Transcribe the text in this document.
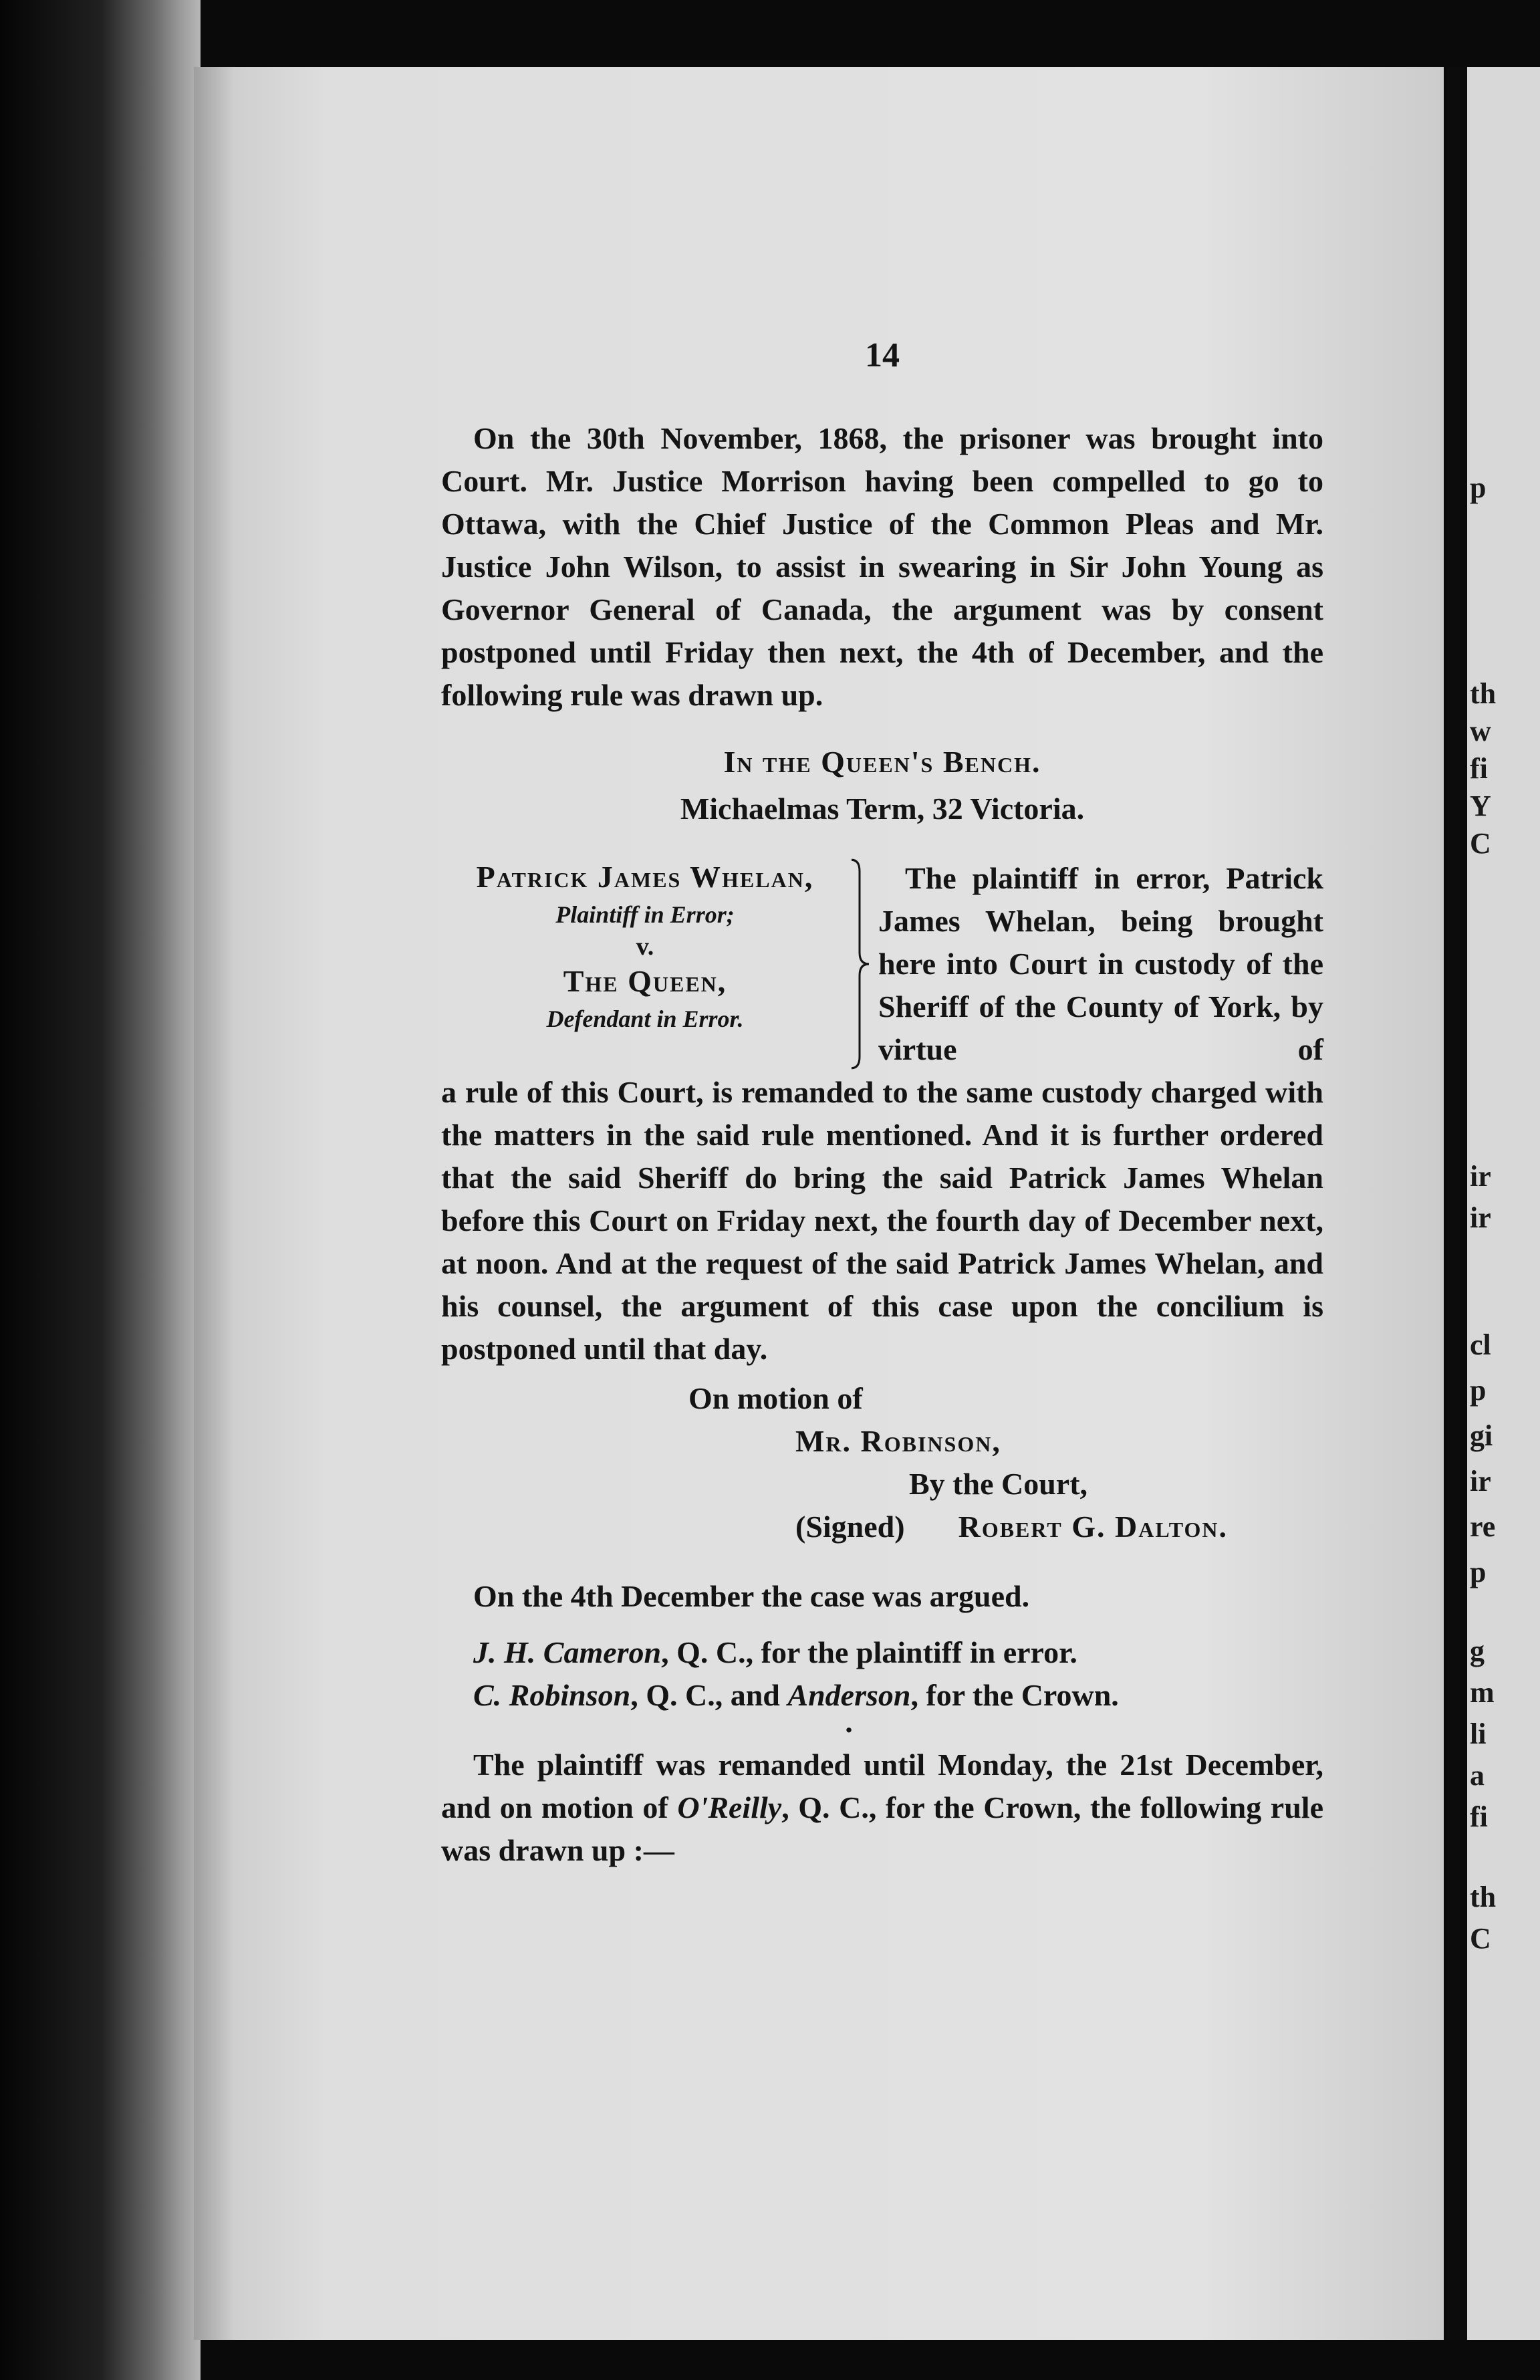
p
th
w
fi
Y
C
ir
ir
cl
p
gi
ir
re
p
g
m
li
a
fi
th
C
14

On the 30th November, 1868, the prisoner was brought into Court. Mr. Justice Morrison having been compelled to go to Ottawa, with the Chief Justice of the Common Pleas and Mr. Justice John Wilson, to assist in swearing in Sir John Young as Governor General of Canada, the argument was by consent postponed until Friday then next, the 4th of December, and the following rule was drawn up.

In the Queen's Bench.
Michaelmas Term, 32 Victoria.
Patrick James Whelan,
Plaintiff in Error;
v.
The Queen,
Defendant in Error.

The plaintiff in error, Patrick James Whelan, being brought here into Court in custody of the Sheriff of the County of York, by virtue of

a rule of this Court, is remanded to the same custody charged with the matters in the said rule mentioned. And it is further ordered that the said Sheriff do bring the said Patrick James Whelan before this Court on Friday next, the fourth day of December next, at noon. And at the request of the said Patrick James Whelan, and his counsel, the argument of this case upon the concilium is postponed until that day.

On motion of
Mr. Robinson,
By the Court,
(Signed) Robert G. Dalton.

On the 4th December the case was argued.

J. H. Cameron, Q. C., for the plaintiff in error.

C. Robinson, Q. C., and Anderson, for the Crown.

·

The plaintiff was remanded until Monday, the 21st December, and on motion of O'Reilly, Q. C., for the Crown, the following rule was drawn up :—
